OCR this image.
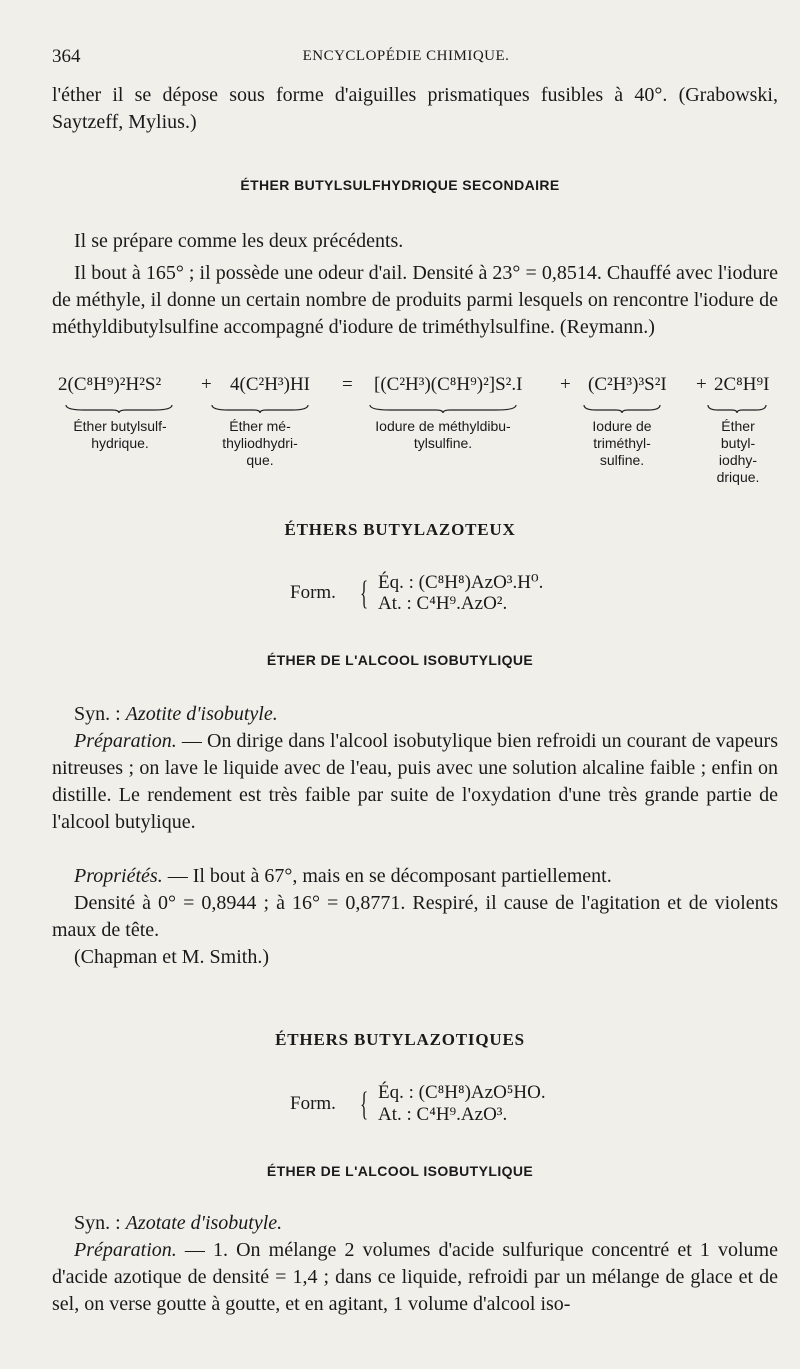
364	ENCYCLOPÉDIE CHIMIQUE.

l'éther il se dépose sous forme d'aiguilles prismatiques fusibles à 40°. (Grabowski, Saytzeff, Mylius.)

ÉTHER BUTYLSULFHYDRIQUE SECONDAIRE

Il se prépare comme les deux précédents.

Il bout à 165° ; il possède une odeur d'ail. Densité à 23° = 0,8514. Chauffé avec l'iodure de méthyle, il donne un certain nombre de produits parmi lesquels on rencontre l'iodure de méthyldibutylsulfine accompagné d'iodure de triméthylsulfine. (Reymann.)

2(C⁸H⁹)²H²S² + 4(C²H³)HI = [(C²H³)(C⁸H⁹)²]S².I + (C²H³)³S²I + 2C⁸H⁹I
Éther butylsulf-
hydrique.
Éther mé-
thyliodhydri-
que.
Iodure de méthyldibu-
tylsulfine.
Iodure de
triméthyl-
sulfine.
Éther
butyl-
iodhy-
drique.
ÉTHERS BUTYLAZOTEUX
Form. { Éq. : (C⁸H⁸)AzO³.H⁰.
At. : C⁴H⁹.AzO².
ÉTHER DE L'ALCOOL ISOBUTYLIQUE

Syn. : Azotite d'isobutyle.

Préparation. — On dirige dans l'alcool isobutylique bien refroidi un courant de vapeurs nitreuses ; on lave le liquide avec de l'eau, puis avec une solution alcaline faible ; enfin on distille. Le rendement est très faible par suite de l'oxydation d'une très grande partie de l'alcool butylique.

Propriétés. — Il bout à 67°, mais en se décomposant partiellement.

Densité à 0° = 0,8944 ; à 16° = 0,8771. Respiré, il cause de l'agitation et de violents maux de tête.

(Chapman et M. Smith.)

ÉTHERS BUTYLAZOTIQUES
Form. { Éq. : (C⁸H⁸)AzO⁵HO.
At. : C⁴H⁹.AzO³.
ÉTHER DE L'ALCOOL ISOBUTYLIQUE

Syn. : Azotate d'isobutyle.

Préparation. — 1. On mélange 2 volumes d'acide sulfurique concentré et 1 volume d'acide azotique de densité = 1,4 ; dans ce liquide, refroidi par un mélange de glace et de sel, on verse goutte à goutte, et en agitant, 1 volume d'alcool iso-
